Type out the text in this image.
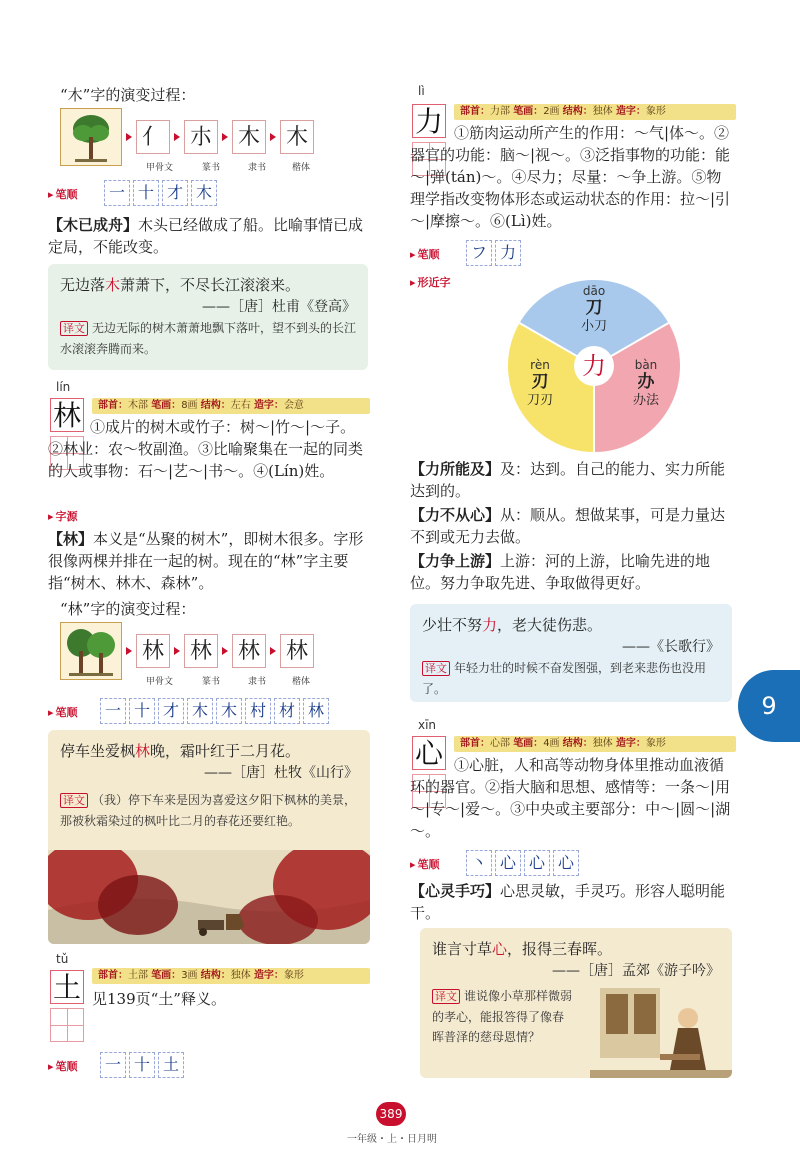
“木”字的演变过程：
⺅ 朩 木 木
甲骨文	篆书	隶书	楷体
▸ 笔顺	一 十 才 木
【木已成舟】木头已经做成了船。比喻事情已成定局，不能改变。
无边落木萧萧下，不尽长江滚滚来。
——［唐］杜甫《登高》
译文 无边无际的树木萧萧地飘下落叶，望不到头的长江水滚滚奔腾而来。
lín
林	部首：木部 笔画：8画 结构：左右 造字：会意
①成片的树木或竹子：树～|竹～|～子。②林业：农～牧副渔。③比喻聚集在一起的同类的人或事物：石～|艺～|书～。④(Lín)姓。
▸ 字源
【林】本义是“丛聚的树木”，即树木很多。字形很像两棵并排在一起的树。现在的“林”字主要指“树木、林木、森林”。
“林”字的演变过程：
林 林 林 林
甲骨文	篆书	隶书	楷体
▸ 笔顺	一 十 才 木 木 村 材 林
停车坐爱枫林晚，霜叶红于二月花。
——［唐］杜牧《山行》
译文 （我）停下车来是因为喜爱这夕阳下枫林的美景，那被秋霜染过的枫叶比二月的春花还要红艳。
tǔ
土	部首：土部 笔画：3画 结构：独体 造字：象形
见139页“土”释义。
▸ 笔顺	一 十 土
lì
力	部首：力部 笔画：2画 结构：独体 造字：象形
①筋肉运动所产生的作用：～气|体～。②器官的功能：脑～|视～。③泛指事物的功能：能～|弹(tán)～。④尽力；尽量：～争上游。⑤物理学指改变物体形态或运动状态的作用：拉～|引～|摩擦～。⑥(Lì)姓。
▸ 笔顺	フ 力
▸ 形近字
力
dāo
刀
小刀
rèn
刃
刀刃
bàn
办
办法
【力所能及】及：达到。自己的能力、实力所能达到的。
【力不从心】从：顺从。想做某事，可是力量达不到或无力去做。
【力争上游】上游：河的上游，比喻先进的地位。努力争取先进、争取做得更好。
少壮不努力，老大徒伤悲。
——《长歌行》
译文 年轻力壮的时候不奋发图强，到老来悲伤也没用了。
xīn
心	部首：心部 笔画：4画 结构：独体 造字：象形
①心脏，人和高等动物身体里推动血液循环的器官。②指大脑和思想、感情等：一条～|用～|专～|爱～。③中央或主要部分：中～|圆～|湖～。
▸ 笔顺	丶 心 心 心
【心灵手巧】心思灵敏，手灵巧。形容人聪明能干。
谁言寸草心，报得三春晖。
——［唐］孟郊《游子吟》
译文 谁说像小草那样微弱的孝心，能报答得了像春晖普泽的慈母恩情？
9
389
一年级・上・日月明
